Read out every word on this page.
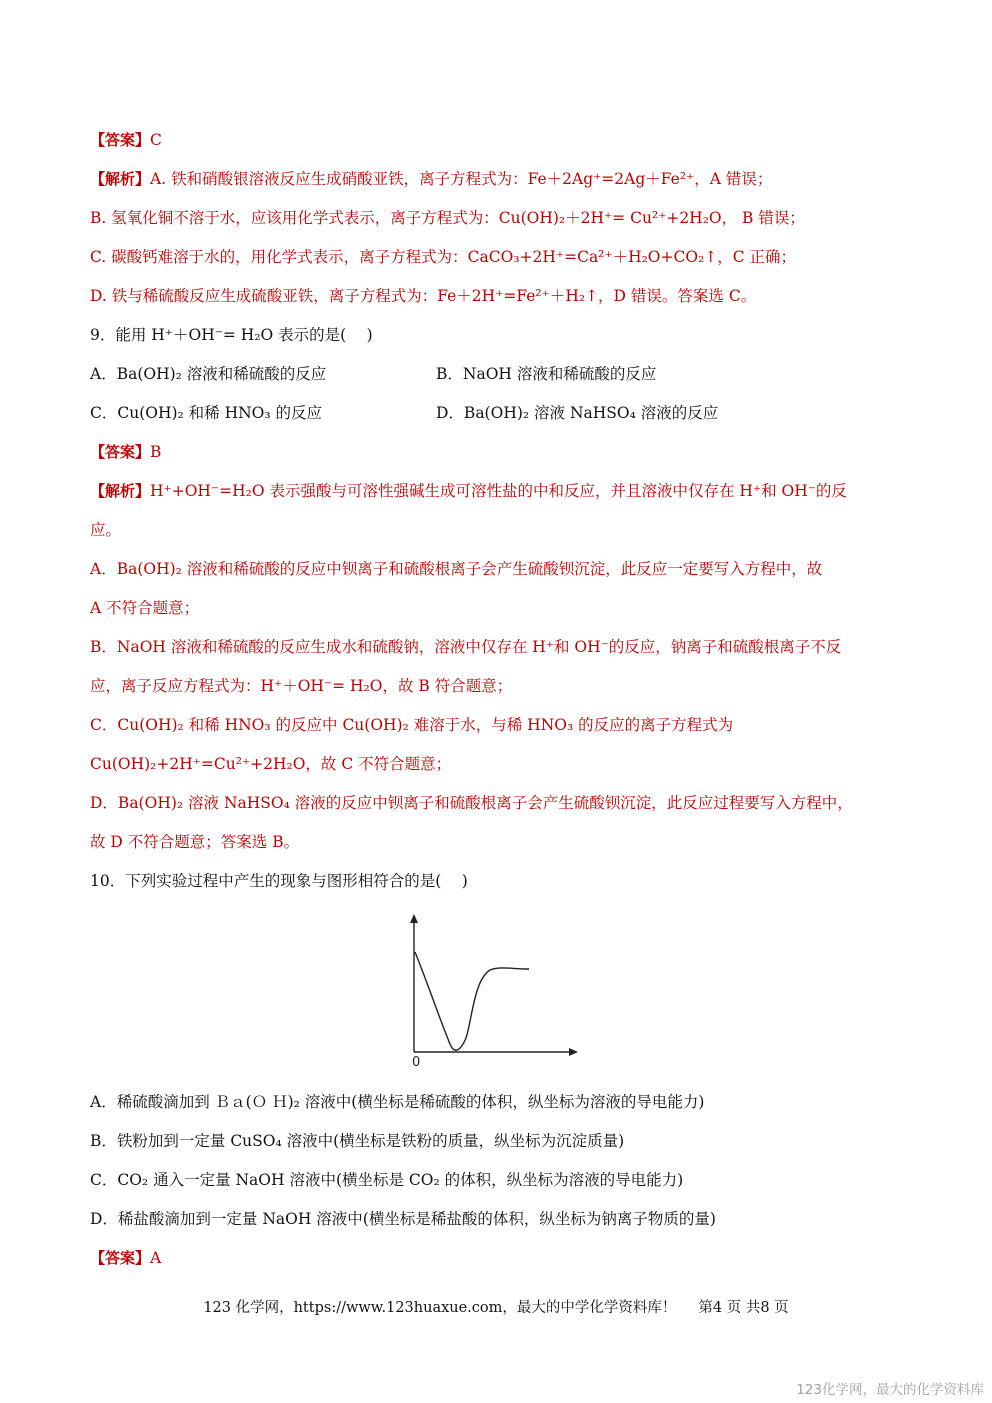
【答案】C
【解析】A. 铁和硝酸银溶液反应生成硝酸亚铁，离子方程式为：Fe＋2Ag⁺=2Ag＋Fe²⁺，A 错误；
B. 氢氧化铜不溶于水，应该用化学式表示，离子方程式为：Cu(OH)₂＋2H⁺= Cu²⁺+2H₂O， B 错误；
C. 碳酸钙难溶于水的，用化学式表示，离子方程式为：CaCO₃+2H⁺=Ca²⁺＋H₂O+CO₂↑，C 正确；
D. 铁与稀硫酸反应生成硫酸亚铁，离子方程式为：Fe＋2H⁺=Fe²⁺＋H₂↑，D 错误。答案选 C。
9．能用 H⁺＋OH⁻= H₂O 表示的是(　 )
A．Ba(OH)₂ 溶液和稀硫酸的反应	B．NaOH 溶液和稀硫酸的反应
C．Cu(OH)₂ 和稀 HNO₃ 的反应	D．Ba(OH)₂ 溶液 NaHSO₄ 溶液的反应
【答案】B
【解析】H⁺+OH⁻=H₂O 表示强酸与可溶性强碱生成可溶性盐的中和反应，并且溶液中仅存在 H⁺和 OH⁻的反
应。
A．Ba(OH)₂ 溶液和稀硫酸的反应中钡离子和硫酸根离子会产生硫酸钡沉淀，此反应一定要写入方程中，故
A 不符合题意；
B．NaOH 溶液和稀硫酸的反应生成水和硫酸钠，溶液中仅存在 H⁺和 OH⁻的反应，钠离子和硫酸根离子不反
应，离子反应方程式为：H⁺＋OH⁻= H₂O，故 B 符合题意；
C．Cu(OH)₂ 和稀 HNO₃ 的反应中 Cu(OH)₂ 难溶于水，与稀 HNO₃ 的反应的离子方程式为
Cu(OH)₂+2H⁺=Cu²⁺+2H₂O，故 C 不符合题意；
D．Ba(OH)₂ 溶液 NaHSO₄ 溶液的反应中钡离子和硫酸根离子会产生硫酸钡沉淀，此反应过程要写入方程中，
故 D 不符合题意；答案选 B。
10．下列实验过程中产生的现象与图形相符合的是(　 )
0
A．稀硫酸滴加到 Ｂａ(Ｏ Ｈ)₂ 溶液中(横坐标是稀硫酸的体积，纵坐标为溶液的导电能力)
B．铁粉加到一定量 CuSO₄ 溶液中(横坐标是铁粉的质量，纵坐标为沉淀质量)
C．CO₂ 通入一定量 NaOH 溶液中(横坐标是 CO₂ 的体积，纵坐标为溶液的导电能力)
D．稀盐酸滴加到一定量 NaOH 溶液中(横坐标是稀盐酸的体积，纵坐标为钠离子物质的量)
【答案】A
123 化学网，https://www.123huaxue.com，最大的中学化学资料库！ 第4 页 共8 页
123化学网，最大的化学资料库
